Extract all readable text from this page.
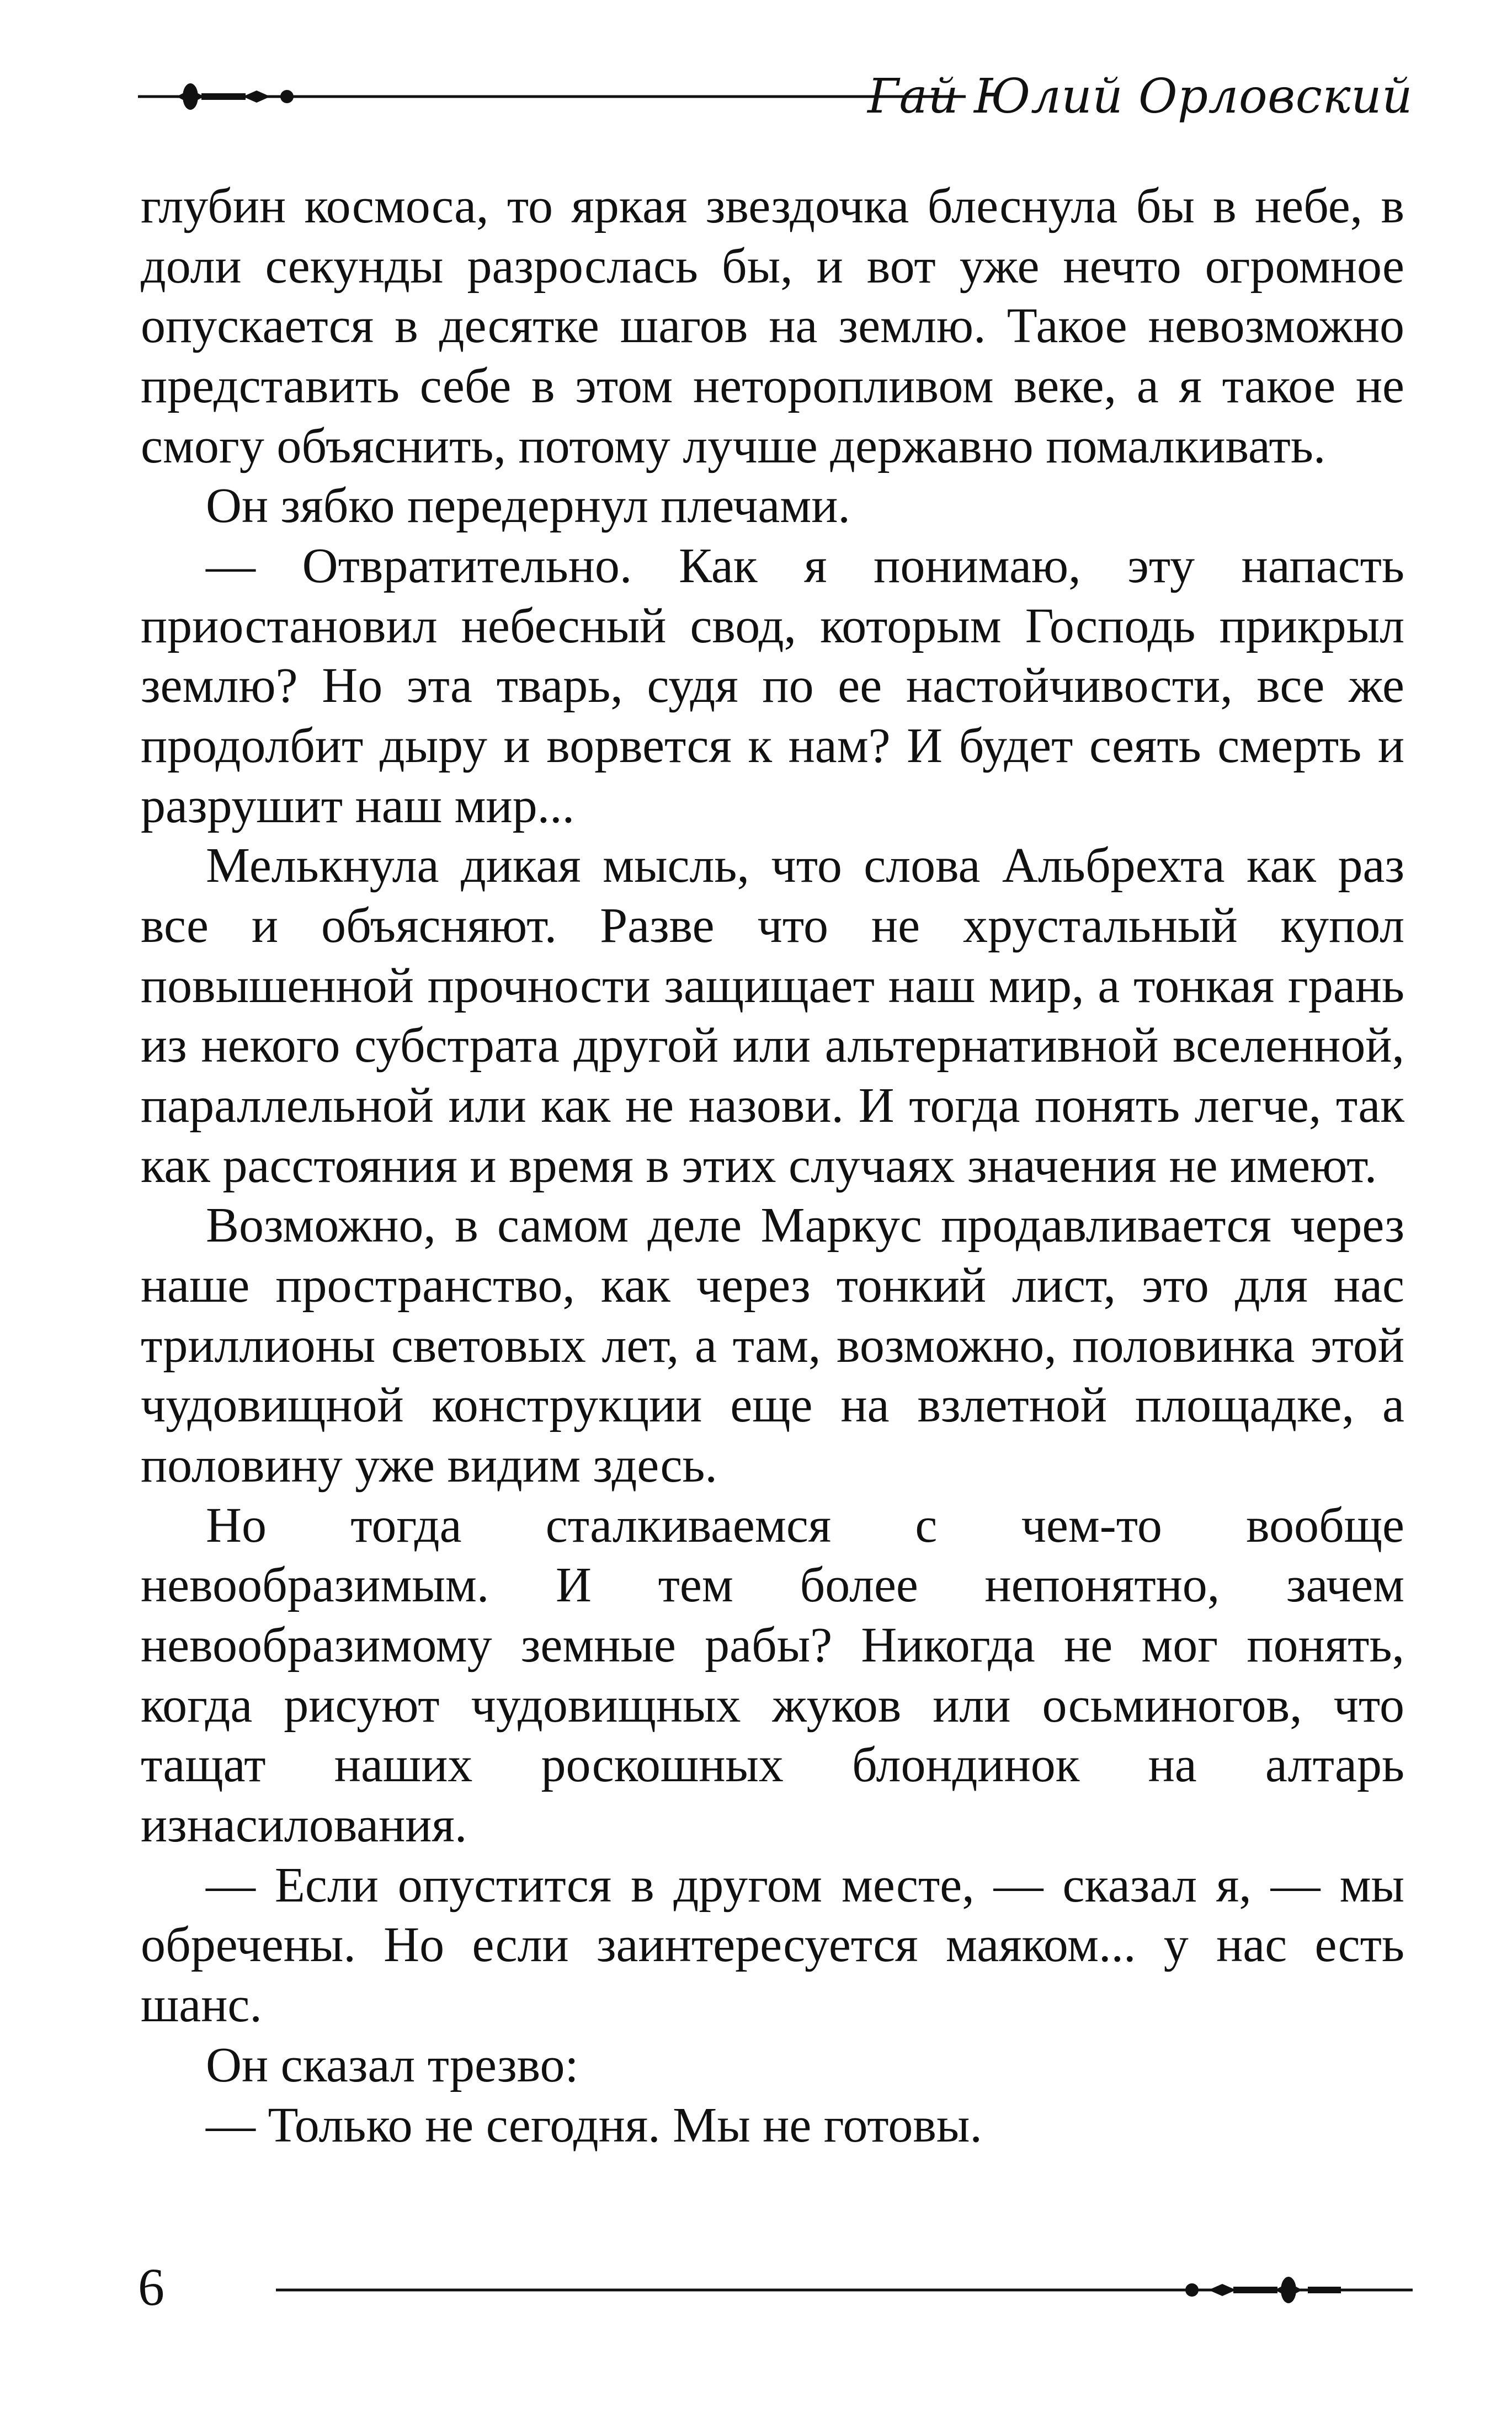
Гай Юлий Орловский

глубин космоса, то яркая звездочка блеснула бы в небе, в доли секунды разрослась бы, и вот уже нечто огромное опускается в десятке шагов на землю. Такое невозможно представить себе в этом неторопливом веке, а я такое не смогу объяснить, потому лучше державно помалкивать.

Он зябко передернул плечами.

— Отвратительно. Как я понимаю, эту напасть приостановил небесный свод, которым Господь прикрыл землю? Но эта тварь, судя по ее настойчивости, все же продолбит дыру и ворвется к нам? И будет сеять смерть и разрушит наш мир...

Мелькнула дикая мысль, что слова Альбрехта как раз все и объясняют. Разве что не хрустальный купол повышенной прочности защищает наш мир, а тонкая грань из некого субстрата другой или альтернативной вселенной, параллельной или как не назови. И тогда понять легче, так как расстояния и время в этих случаях значения не имеют.

Возможно, в самом деле Маркус продавливается через наше пространство, как через тонкий лист, это для нас триллионы световых лет, а там, возможно, половинка этой чудовищной конструкции еще на взлетной площадке, а половину уже видим здесь.

Но тогда сталкиваемся с чем-то вообще невообразимым. И тем более непонятно, зачем невообразимому земные рабы? Никогда не мог понять, когда рисуют чудовищных жуков или осьминогов, что тащат наших роскошных блондинок на алтарь изнасилования.

— Если опустится в другом месте, — сказал я, — мы обречены. Но если заинтересуется маяком... у нас есть шанс.

Он сказал трезво:

— Только не сегодня. Мы не готовы.

6
